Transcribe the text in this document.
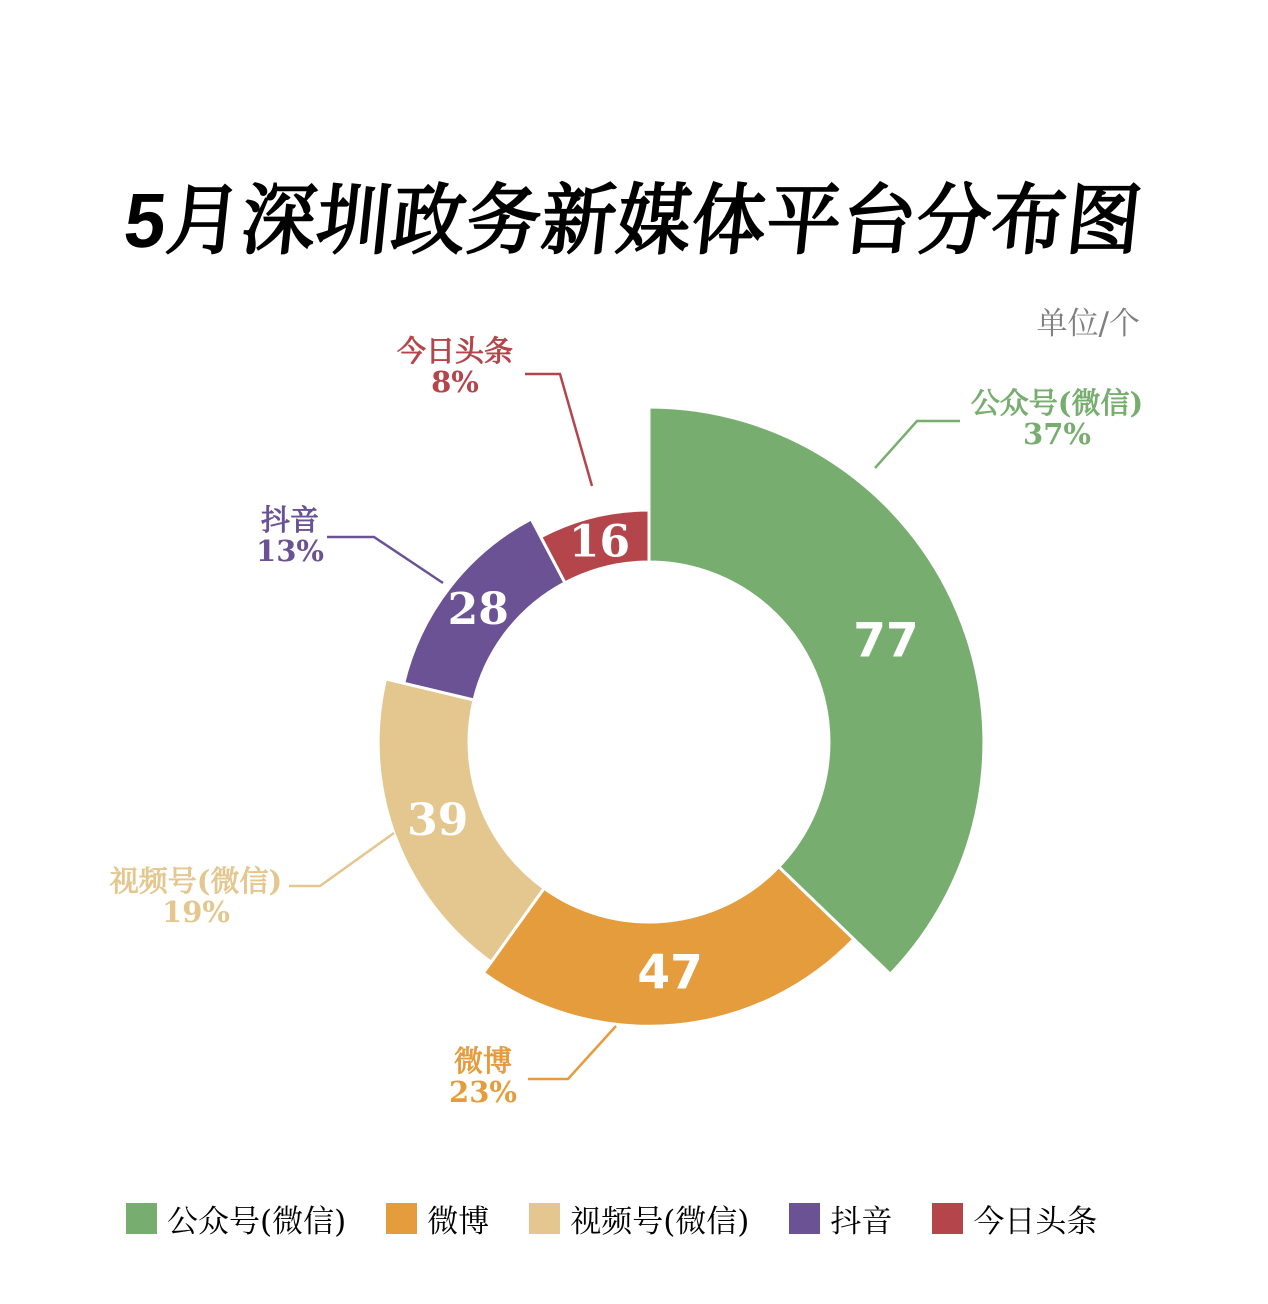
5月深圳政务新媒体平台分布图
单位/个
77
47
39
28
16
公众号(微信)
37%
微博
23%
视频号(微信)
19%
抖音
13%
今日头条
8%
公众号(微信)	微博	视频号(微信)	抖音	今日头条
